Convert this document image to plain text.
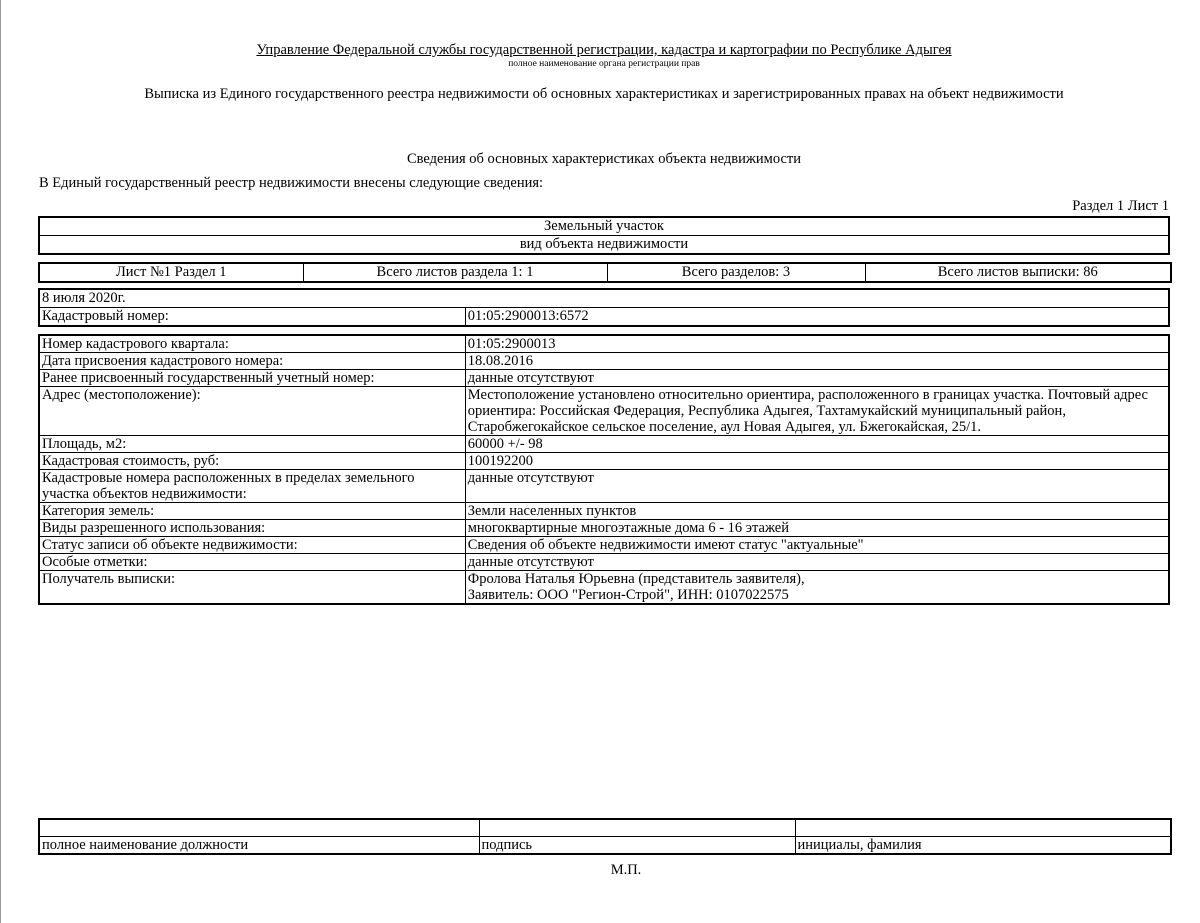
Управление Федеральной службы государственной регистрации, кадастра и картографии по Республике Адыгея
полное наименование органа регистрации прав
Выписка из Единого государственного реестра недвижимости об основных характеристиках и зарегистрированных правах на объект недвижимости
Сведения об основных характеристиках объекта недвижимости
В Единый государственный реестр недвижимости внесены следующие сведения:
Раздел 1 Лист 1
Земельный участок
вид объекта недвижимости
Лист №1 Раздел 1	Всего листов раздела 1: 1	Всего разделов: 3	Всего листов выписки: 86
8 июля 2020г.
Кадастровый номер:	01:05:2900013:6572
Номер кадастрового квартала:	01:05:2900013
Дата присвоения кадастрового номера:	18.08.2016
Ранее присвоенный государственный учетный номер:	данные отсутствуют
Адрес (местоположение):	Местоположение установлено относительно ориентира, расположенного в границах участка. Почтовый адрес ориентира: Российская Федерация, Республика Адыгея, Тахтамукайский муниципальный район, Старобжегокайское сельское поселение, аул Новая Адыгея, ул. Бжегокайская, 25/1.
Площадь, м2:	60000 +/- 98
Кадастровая стоимость, руб:	100192200
Кадастровые номера расположенных в пределах земельного участка объектов недвижимости:	данные отсутствуют
Категория земель:	Земли населенных пунктов
Виды разрешенного использования:	многоквартирные многоэтажные дома 6 - 16 этажей
Статус записи об объекте недвижимости:	Сведения об объекте недвижимости имеют статус "актуальные"
Особые отметки:	данные отсутствуют
Получатель выписки:	Фролова Наталья Юрьевна (представитель заявителя),
Заявитель: ООО "Регион-Строй", ИНН: 0107022575

полное наименование должности	подпись	инициалы, фамилия
М.П.
